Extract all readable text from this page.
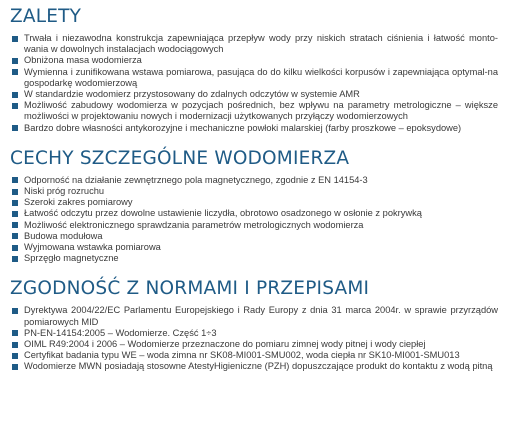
ZALETY
Trwała i niezawodna konstrukcja zapewniająca przepływ wody przy niskich stratach ciśnienia i łatwość monto-wania w dowolnych instalacjach wodociągowych
Obniżona masa wodomierza
Wymienna i zunifikowana wstawa pomiarowa, pasująca do do kilku wielkości korpusów i zapewniająca optymal-na gospodarkę wodomierzową
W standardzie wodomierz przystosowany do zdalnych odczytów w systemie AMR
Możliwość zabudowy wodomierza w pozycjach pośrednich, bez wpływu na parametry metrologiczne – większe możliwości w projektowaniu nowych i modernizacji użytkowanych przyłączy wodomierzowych
Bardzo dobre własności antykorozyjne i mechaniczne powłoki malarskiej (farby proszkowe – epoksydowe)
CECHY SZCZEGÓLNE WODOMIERZA
Odporność na działanie zewnętrznego pola magnetycznego, zgodnie z EN 14154-3
Niski próg rozruchu
Szeroki zakres pomiarowy
Łatwość odczytu przez dowolne ustawienie liczydła, obrotowo osadzonego w osłonie z pokrywką
Możliwość elektronicznego sprawdzania parametrów metrologicznych wodomierza
Budowa modułowa
Wyjmowana wstawka pomiarowa
Sprzęgło magnetyczne
ZGODNOŚĆ Z NORMAMI I PRZEPISAMI
Dyrektywa 2004/22/EC Parlamentu Europejskiego i Rady Europy z dnia 31 marca 2004r. w sprawie przyrządów pomiarowych MID
PN-EN-14154:2005 – Wodomierze. Część 1÷3
OIML R49:2004 i 2006 – Wodomierze przeznaczone do pomiaru zimnej wody pitnej i wody ciepłej
Certyfikat badania typu WE – woda zimna nr SK08-MI001-SMU002, woda ciepła nr SK10-MI001-SMU013
Wodomierze MWN posiadają stosowne AtestyHigieniczne (PZH) dopuszczające produkt do kontaktu z wodą pitną
